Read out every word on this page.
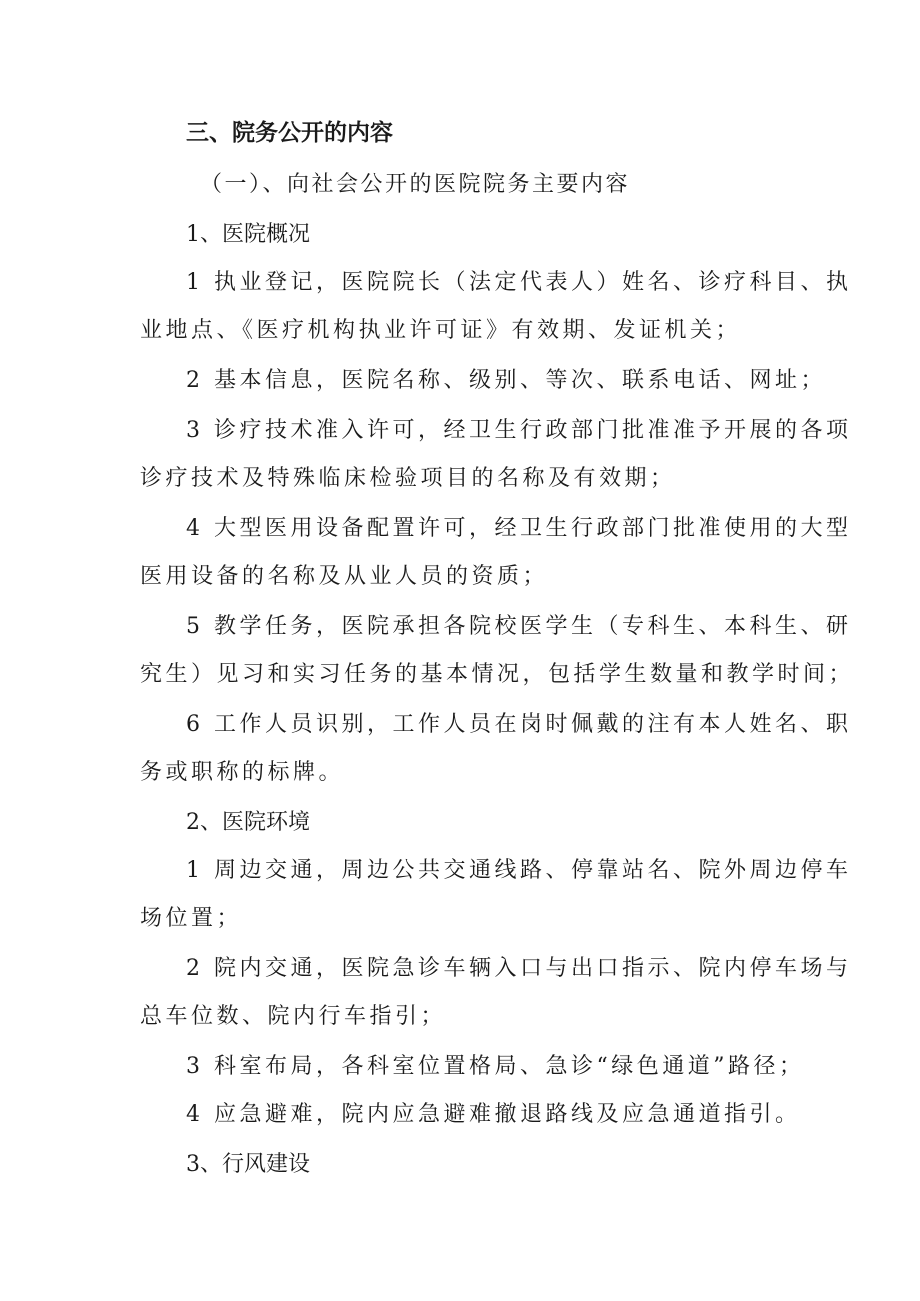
三、院务公开的内容
（一）、向社会公开的医院院务主要内容
1、医院概况
1 执业登记，医院院长（法定代表人）姓名、诊疗科目、执
业地点、《医疗机构执业许可证》有效期、发证机关；
2 基本信息，医院名称、级别、等次、联系电话、网址；
3 诊疗技术准入许可，经卫生行政部门批准准予开展的各项
诊疗技术及特殊临床检验项目的名称及有效期；
4 大型医用设备配置许可，经卫生行政部门批准使用的大型
医用设备的名称及从业人员的资质；
5 教学任务，医院承担各院校医学生（专科生、本科生、研
究生）见习和实习任务的基本情况，包括学生数量和教学时间；
6 工作人员识别，工作人员在岗时佩戴的注有本人姓名、职
务或职称的标牌。
2、医院环境
1 周边交通，周边公共交通线路、停靠站名、院外周边停车
场位置；
2 院内交通，医院急诊车辆入口与出口指示、院内停车场与
总车位数、院内行车指引；
3 科室布局，各科室位置格局、急诊“绿色通道”路径；
4 应急避难，院内应急避难撤退路线及应急通道指引。
3、行风建设
